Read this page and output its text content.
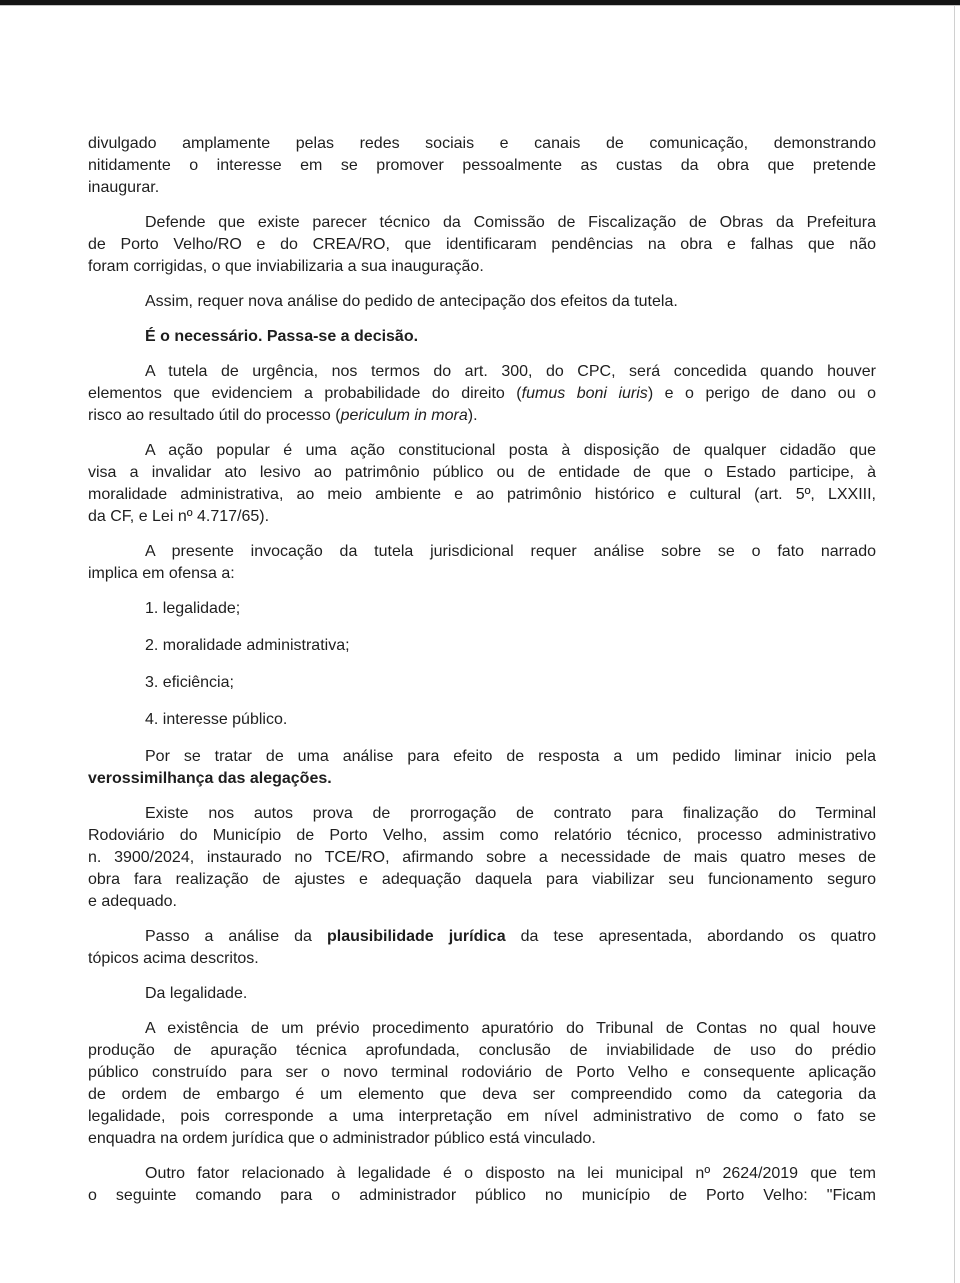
divulgado amplamente pelas redes sociais e canais de comunicação, demonstrando
nitidamente o interesse em se promover pessoalmente as custas da obra que pretende
inaugurar.
Defende que existe parecer técnico da Comissão de Fiscalização de Obras da Prefeitura
de Porto Velho/RO e do CREA/RO, que identificaram pendências na obra e falhas que não
foram corrigidas, o que inviabilizaria a sua inauguração.
Assim, requer nova análise do pedido de antecipação dos efeitos da tutela.
É o necessário. Passa-se a decisão.
A tutela de urgência, nos termos do art. 300, do CPC, será concedida quando houver
elementos que evidenciem a probabilidade do direito (fumus boni iuris) e o perigo de dano ou o
risco ao resultado útil do processo (periculum in mora).
A ação popular é uma ação constitucional posta à disposição de qualquer cidadão que
visa a invalidar ato lesivo ao patrimônio público ou de entidade de que o Estado participe, à
moralidade administrativa, ao meio ambiente e ao patrimônio histórico e cultural (art. 5º, LXXIII,
da CF, e Lei nº 4.717/65).
A presente invocação da tutela jurisdicional requer análise sobre se o fato narrado
implica em ofensa a:
1. legalidade;
2. moralidade administrativa;
3. eficiência;
4. interesse público.
Por se tratar de uma análise para efeito de resposta a um pedido liminar inicio pela
verossimilhança das alegações.
Existe nos autos prova de prorrogação de contrato para finalização do Terminal
Rodoviário do Município de Porto Velho, assim como relatório técnico, processo administrativo
n. 3900/2024, instaurado no TCE/RO, afirmando sobre a necessidade de mais quatro meses de
obra fara realização de ajustes e adequação daquela para viabilizar seu funcionamento seguro
e adequado.
Passo a análise da plausibilidade jurídica da tese apresentada, abordando os quatro
tópicos acima descritos.
Da legalidade.
A existência de um prévio procedimento apuratório do Tribunal de Contas no qual houve
produção de apuração técnica aprofundada, conclusão de inviabilidade de uso do prédio
público construído para ser o novo terminal rodoviário de Porto Velho e consequente aplicação
de ordem de embargo é um elemento que deva ser compreendido como da categoria da
legalidade, pois corresponde a uma interpretação em nível administrativo de como o fato se
enquadra na ordem jurídica que o administrador público está vinculado.
Outro fator relacionado à legalidade é o disposto na lei municipal nº 2624/2019 que tem
o seguinte comando para o administrador público no município de Porto Velho: "Ficam
